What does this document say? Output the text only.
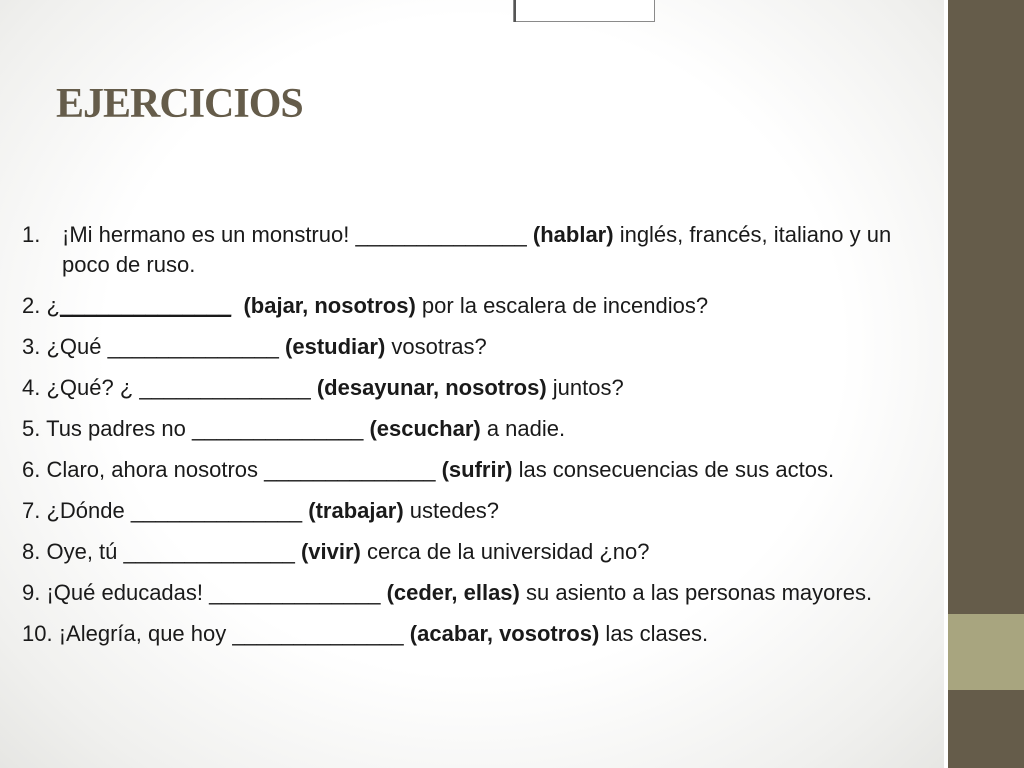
EJERCICIOS
1. ¡Mi hermano es un monstruo! ______________ (hablar) inglés, francés, italiano y un poco de ruso.
2. ¿______________ (bajar, nosotros) por la escalera de incendios?
3. ¿Qué ______________ (estudiar) vosotras?
4. ¿Qué? ¿ ______________ (desayunar, nosotros) juntos?
5. Tus padres no ______________ (escuchar) a nadie.
6. Claro, ahora nosotros ______________ (sufrir) las consecuencias de sus actos.
7. ¿Dónde ______________ (trabajar) ustedes?
8. Oye, tú ______________ (vivir) cerca de la universidad ¿no?
9. ¡Qué educadas! ______________ (ceder, ellas) su asiento a las personas mayores.
10. ¡Alegría, que hoy ______________ (acabar, vosotros) las clases.
